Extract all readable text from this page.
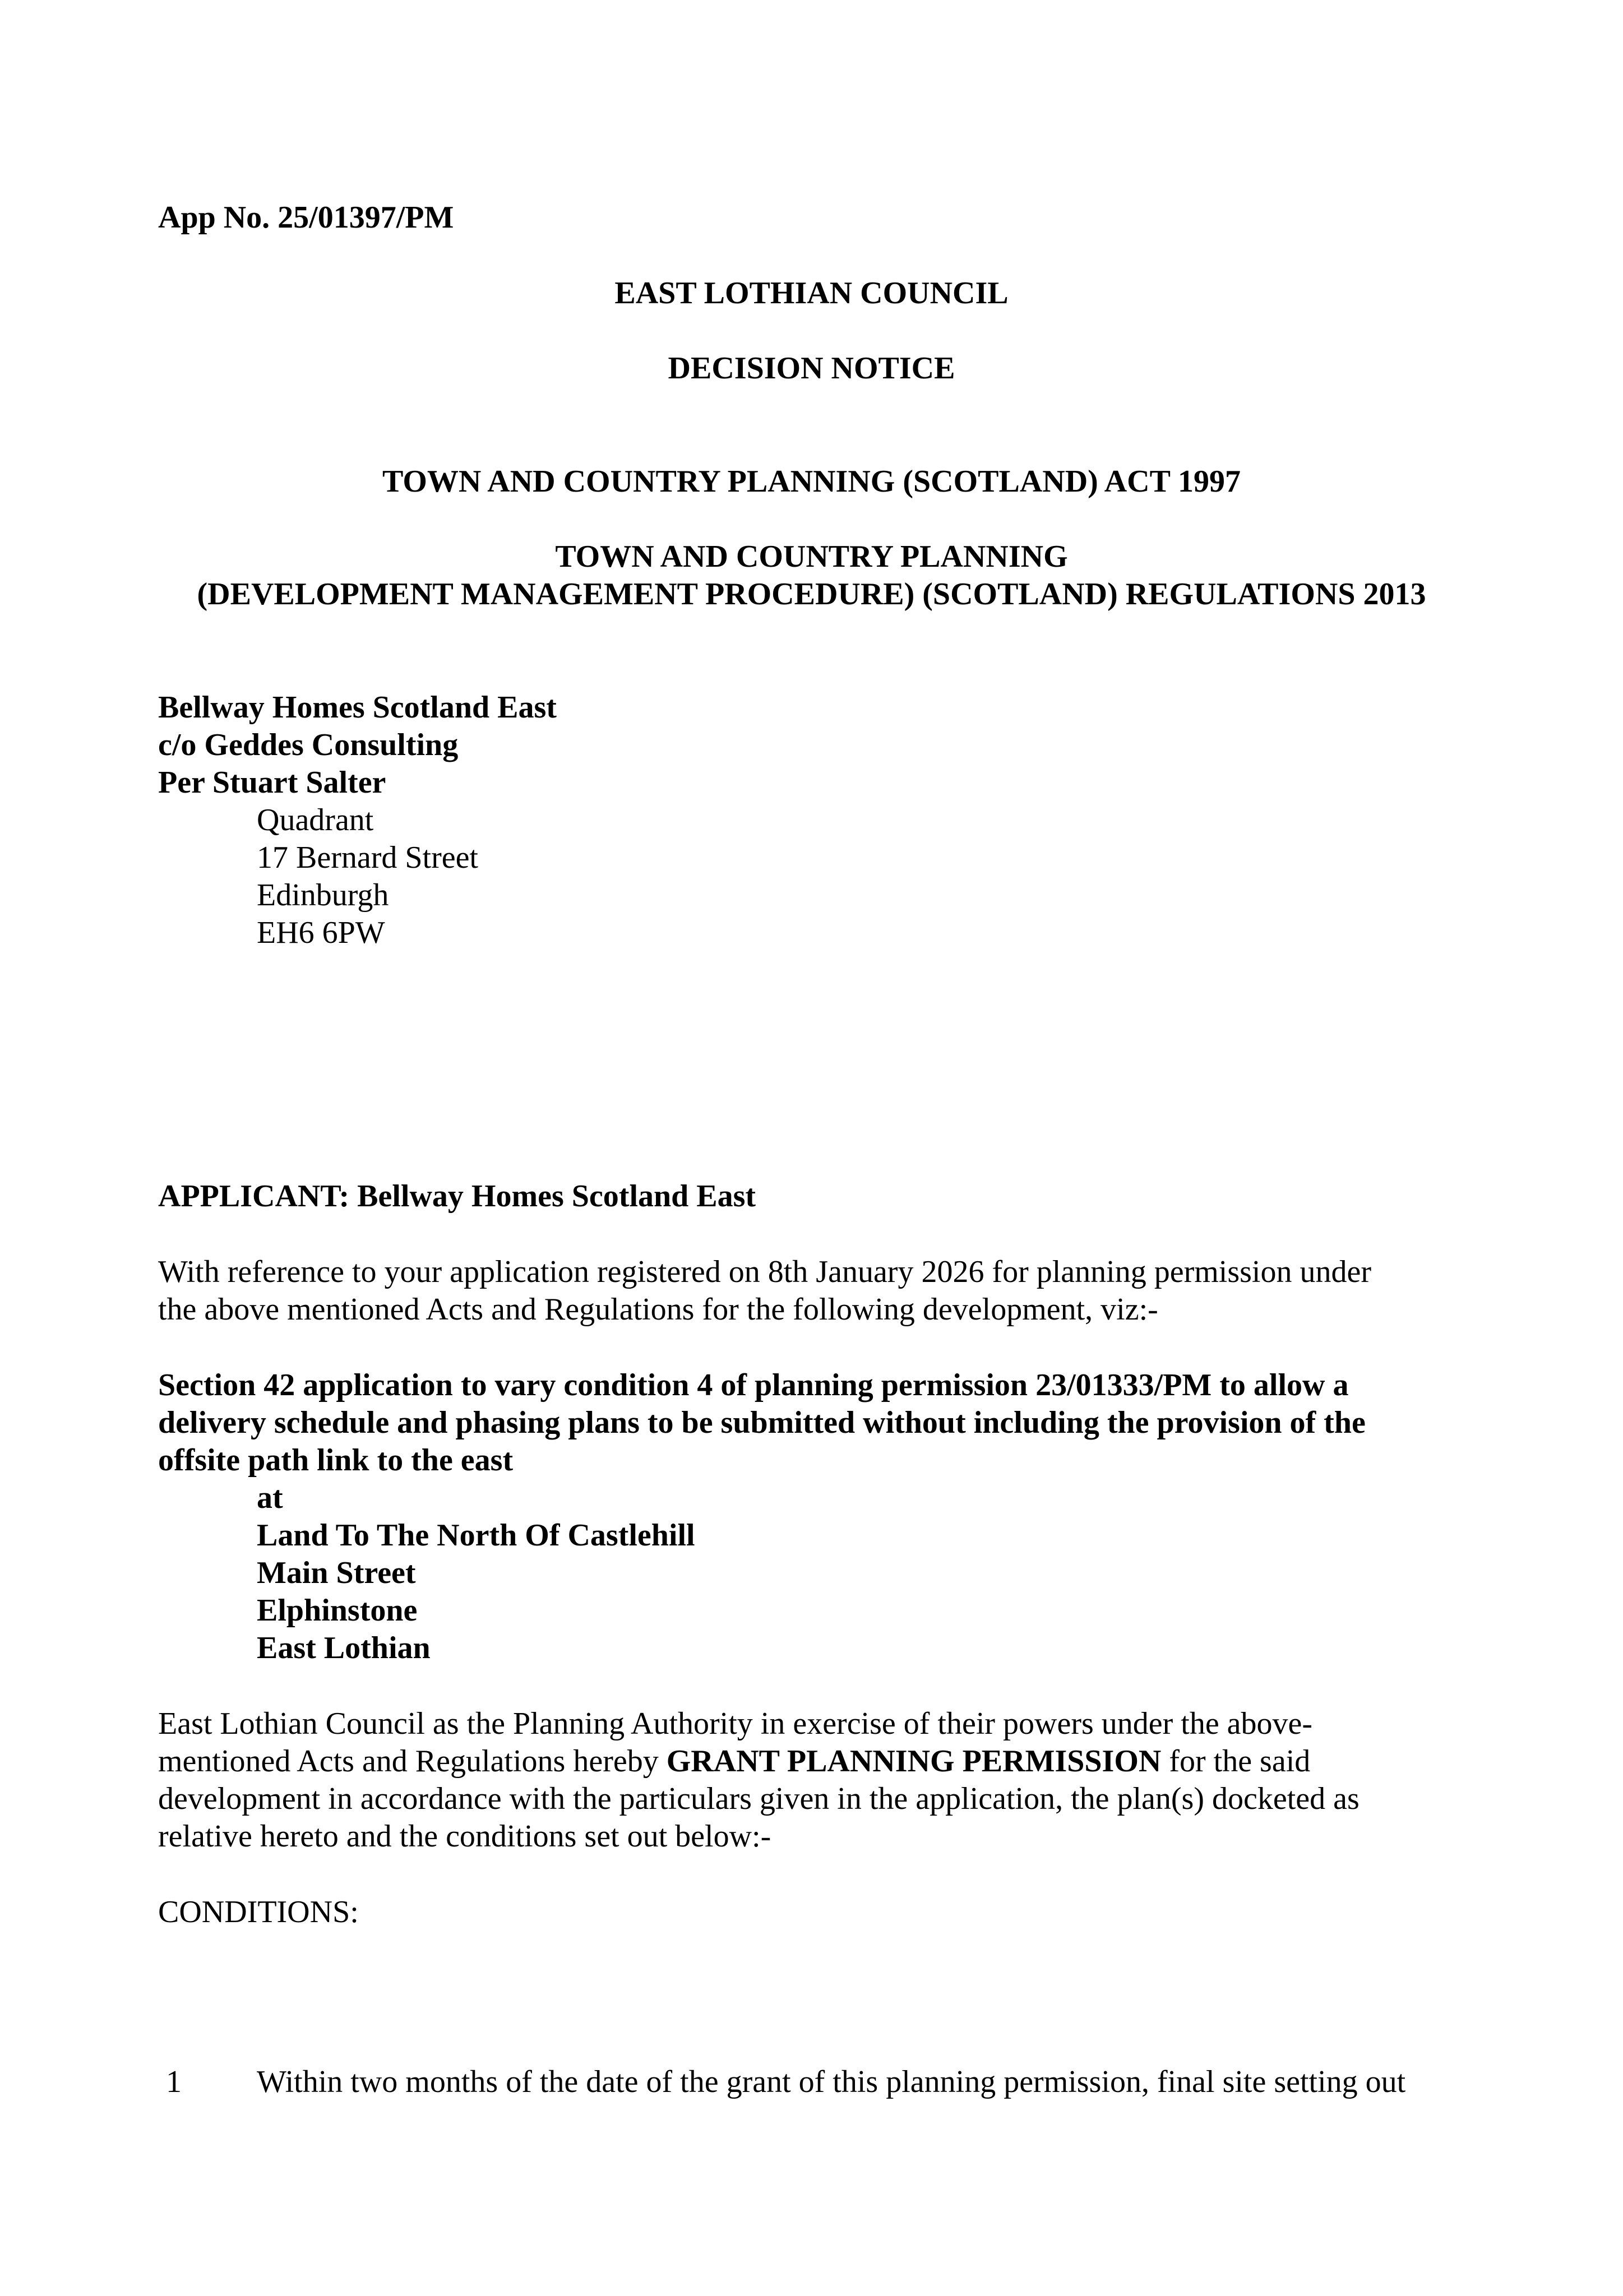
App No. 25/01397/PM
EAST LOTHIAN COUNCIL
DECISION NOTICE
TOWN AND COUNTRY PLANNING (SCOTLAND) ACT 1997
TOWN AND COUNTRY PLANNING
(DEVELOPMENT MANAGEMENT PROCEDURE) (SCOTLAND) REGULATIONS 2013
Bellway Homes Scotland East
c/o Geddes Consulting
Per Stuart Salter
Quadrant
17 Bernard Street
Edinburgh
EH6 6PW
APPLICANT: Bellway Homes Scotland East
With reference to your application registered on 8th January 2026 for planning permission under
the above mentioned Acts and Regulations for the following development, viz:-
Section 42 application to vary condition 4 of planning permission 23/01333/PM to allow a
delivery schedule and phasing plans to be submitted without including the provision of the
offsite path link to the east
at
Land To The North Of Castlehill
Main Street
Elphinstone
East Lothian
East Lothian Council as the Planning Authority in exercise of their powers under the above-
mentioned Acts and Regulations hereby GRANT PLANNING PERMISSION for the said
development in accordance with the particulars given in the application, the plan(s) docketed as
relative hereto and the conditions set out below:-
CONDITIONS:
1 Within two months of the date of the grant of this planning permission, final site setting out
